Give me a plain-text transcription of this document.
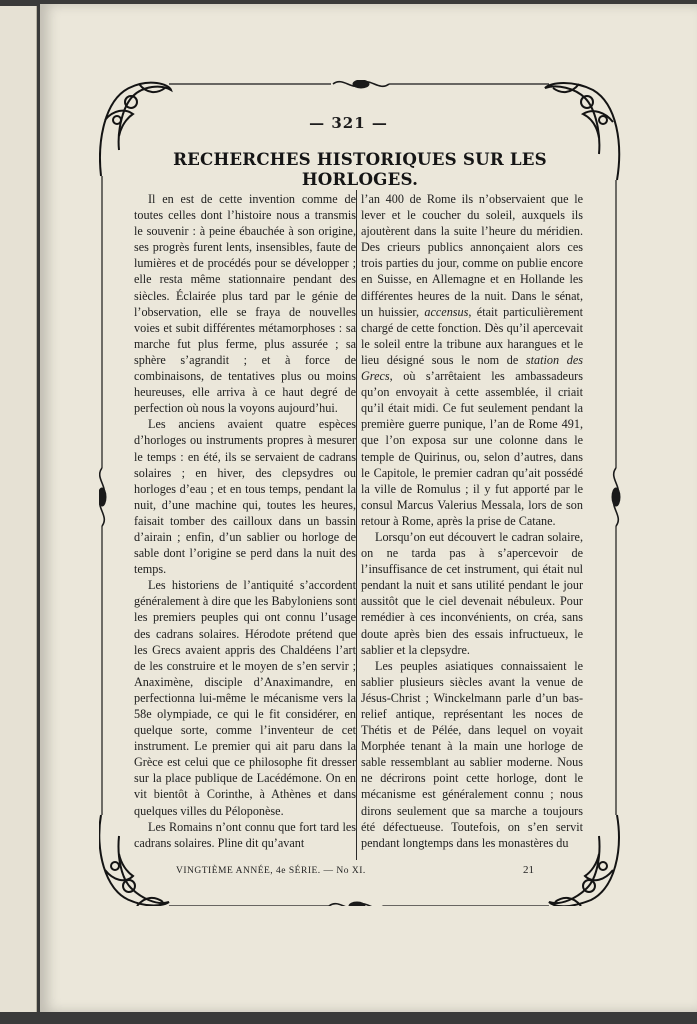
— 321 —
RECHERCHES HISTORIQUES SUR LES HORLOGES.

Il en est de cette invention comme de toutes celles dont l’histoire nous a transmis le souvenir : à peine ébauchée à son origine, ses progrès furent lents, insensibles, faute de lumières et de procédés pour se développer ; elle resta même stationnaire pendant des siècles. Éclairée plus tard par le génie de l’observation, elle se fraya de nouvelles voies et subit différentes métamorphoses : sa marche fut plus ferme, plus assurée ; sa sphère s’agrandit ; et à force de combinaisons, de tentatives plus ou moins heureuses, elle arriva à ce haut degré de perfection où nous la voyons aujourd’hui.

Les anciens avaient quatre espèces d’horloges ou instruments propres à mesurer le temps : en été, ils se servaient de cadrans solaires ; en hiver, des clepsydres ou horloges d’eau ; et en tous temps, pendant la nuit, d’une machine qui, toutes les heures, faisait tomber des cailloux dans un bassin d’airain ; enfin, d’un sablier ou horloge de sable dont l’origine se perd dans la nuit des temps.

Les historiens de l’antiquité s’accordent généralement à dire que les Babyloniens sont les premiers peuples qui ont connu l’usage des cadrans solaires. Hérodote prétend que les Grecs avaient appris des Chaldéens l’art de les construire et le moyen de s’en servir ; Anaximène, disciple d’Anaximandre, en perfectionna lui-même le mécanisme vers la 58e olympiade, ce qui le fit considérer, en quelque sorte, comme l’inventeur de cet instrument. Le premier qui ait paru dans la Grèce est celui que ce philosophe fit dresser sur la place publique de Lacédémone. On en vit bientôt à Corinthe, à Athènes et dans quelques villes du Péloponèse.

Les Romains n’ont connu que fort tard les cadrans solaires. Pline dit qu’avant

l’an 400 de Rome ils n’observaient que le lever et le coucher du soleil, auxquels ils ajoutèrent dans la suite l’heure du méridien. Des crieurs publics annonçaient alors ces trois parties du jour, comme on publie encore en Suisse, en Allemagne et en Hollande les différentes heures de la nuit. Dans le sénat, un huissier, accensus, était particulièrement chargé de cette fonction. Dès qu’il apercevait le soleil entre la tribune aux harangues et le lieu désigné sous le nom de station des Grecs, où s’arrêtaient les ambassadeurs qu’on envoyait à cette assemblée, il criait qu’il était midi. Ce fut seulement pendant la première guerre punique, l’an de Rome 491, que l’on exposa sur une colonne dans le temple de Quirinus, ou, selon d’autres, dans le Capitole, le premier cadran qu’ait possédé la ville de Romulus ; il y fut apporté par le consul Marcus Valerius Messala, lors de son retour à Rome, après la prise de Catane.

Lorsqu’on eut découvert le cadran solaire, on ne tarda pas à s’apercevoir de l’insuffisance de cet instrument, qui était nul pendant la nuit et sans utilité pendant le jour aussitôt que le ciel devenait nébuleux. Pour remédier à ces inconvénients, on créa, sans doute après bien des essais infructueux, le sablier et la clepsydre.

Les peuples asiatiques connaissaient le sablier plusieurs siècles avant la venue de Jésus-Christ ; Winckelmann parle d’un bas-relief antique, représentant les noces de Thétis et de Pélée, dans lequel on voyait Morphée tenant à la main une horloge de sable ressemblant au sablier moderne. Nous ne décrirons point cette horloge, dont le mécanisme est généralement connu ; nous dirons seulement que sa marche a toujours été défectueuse. Toutefois, on s’en servit pendant longtemps dans les monastères du

VINGTIÈME ANNÉE, 4e SÉRIE. — No XI.	21
